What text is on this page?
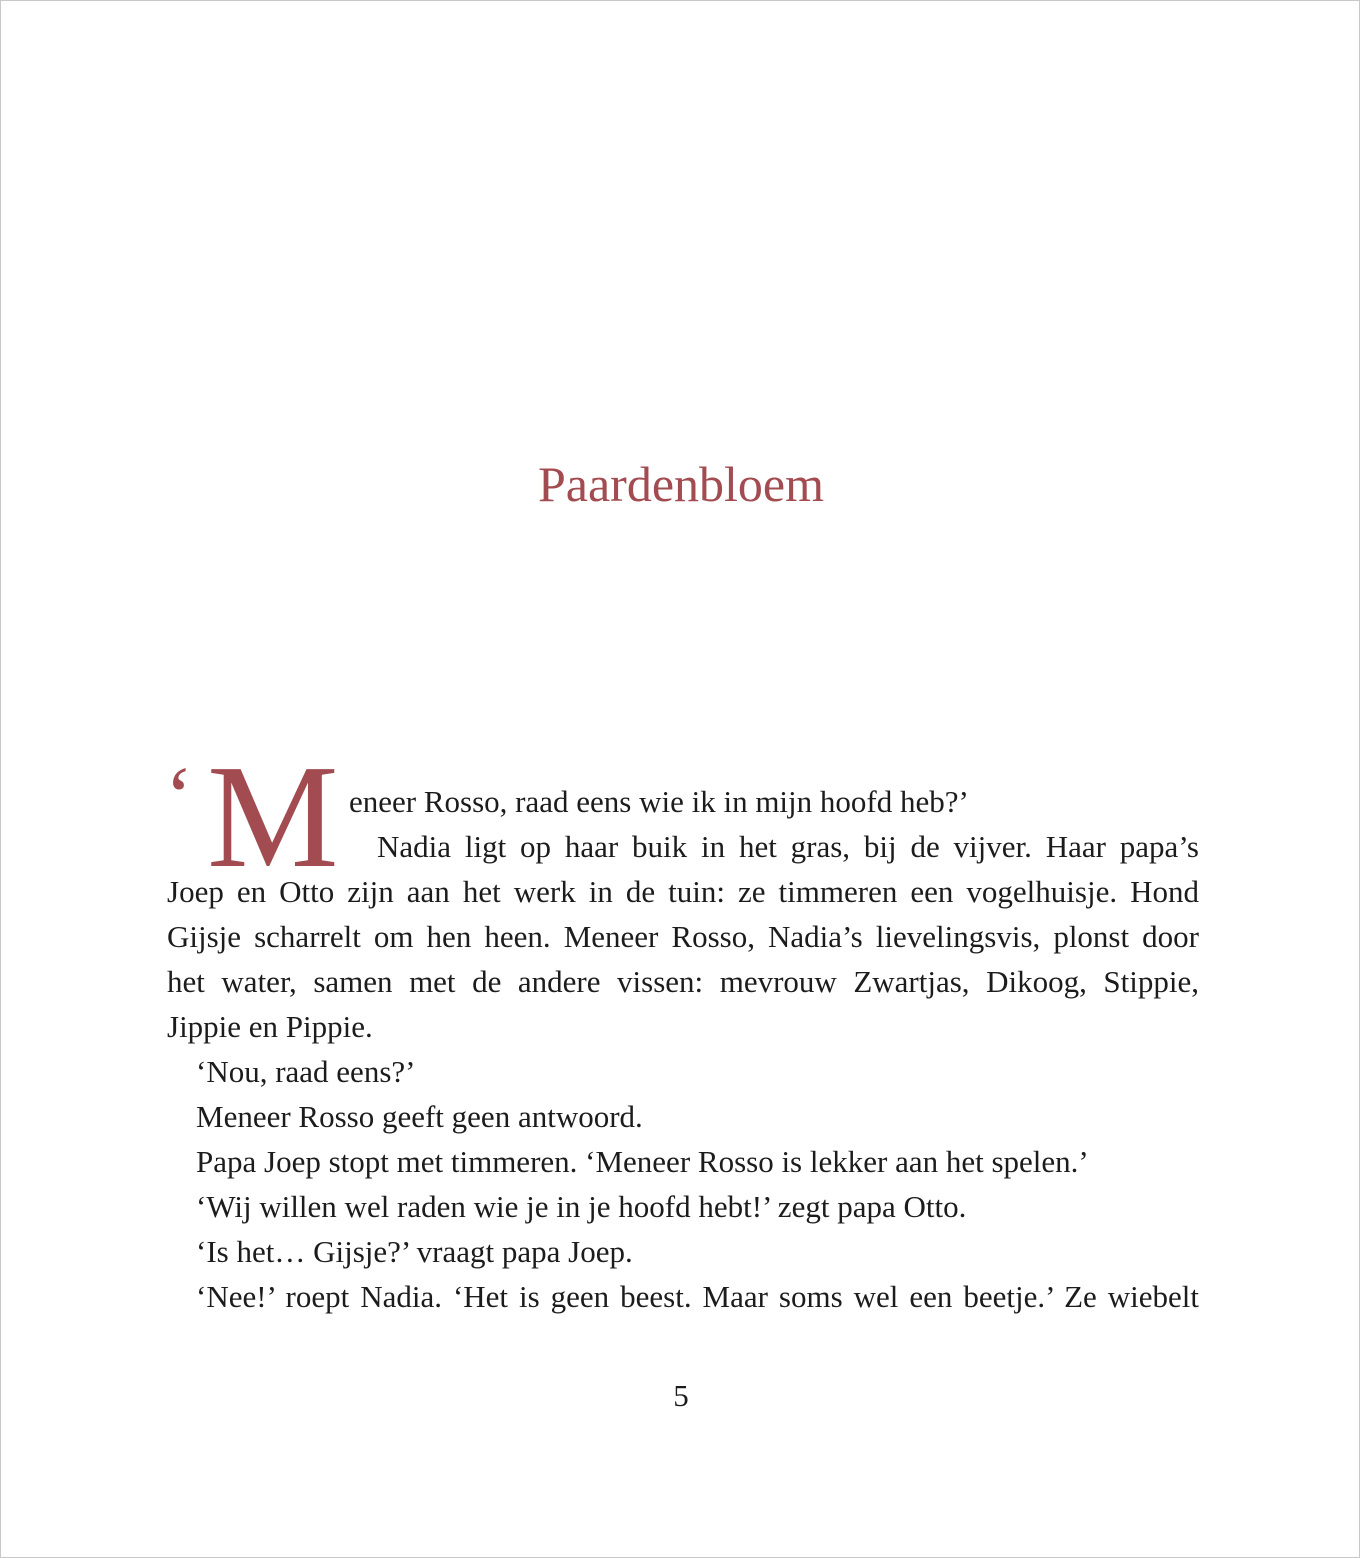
Paardenbloem
‘ M eneer Rosso, raad eens wie ik in mijn hoofd heb?’
Nadia ligt op haar buik in het gras, bij de vijver. Haar papa’s
Joep en Otto zijn aan het werk in de tuin: ze timmeren een vogelhuisje. Hond
Gijsje scharrelt om hen heen. Meneer Rosso, Nadia’s lievelingsvis, plonst door
het water, samen met de andere vissen: mevrouw Zwartjas, Dikoog, Stippie,
Jippie en Pippie.

‘Nou, raad eens?’

Meneer Rosso geeft geen antwoord.

Papa Joep stopt met timmeren. ‘Meneer Rosso is lekker aan het spelen.’

‘Wij willen wel raden wie je in je hoofd hebt!’ zegt papa Otto.

‘Is het… Gijsje?’ vraagt papa Joep.

‘Nee!’ roept Nadia. ‘Het is geen beest. Maar soms wel een beetje.’ Ze wiebelt

5
